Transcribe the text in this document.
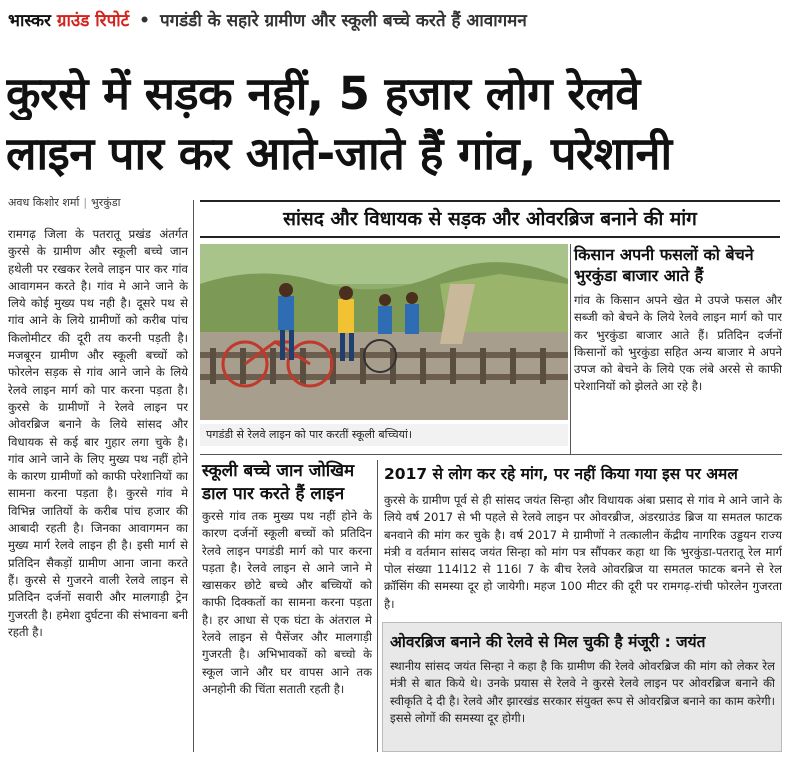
भास्कर ग्राउंड रिपोर्ट • पगडंडी के सहारे ग्रामीण और स्कूली बच्चे करते हैं आवागमन
कुरसे में सड़क नहीं, 5 हजार लोग रेलवे
लाइन पार कर आते-जाते हैं गांव, परेशानी
अवध किशोर शर्मा | भुरकुंडा
रामगढ़ जिला के पतरातू प्रखंड अंतर्गत कुरसे के ग्रामीण और स्कूली बच्चे जान हथेली पर रखकर रेलवे लाइन पार कर गांव आवागमन करते है। गांव मे आने जाने के लिये कोई मुख्य पथ नही है। दूसरे पथ से गांव आने के लिये ग्रामीणों को करीब पांच किलोमीटर की दूरी तय करनी पड़ती है। मजबूरन ग्रामीण और स्कूली बच्चों को फोरलेन सड़क से गांव आने जाने के लिये रेलवे लाइन मार्ग को पार करना पड़ता है। कुरसे के ग्रामीणों ने रेलवे लाइन पर ओवरब्रिज बनाने के लिये सांसद और विधायक से कई बार गुहार लगा चुके है। गांव आने जाने के लिए मुख्य पथ नहीं होने के कारण ग्रामीणों को काफी परेशानियों का सामना करना पड़ता है। कुरसे गांव मे विभिन्न जातियों के करीब पांच हजार की आबादी रहती है। जिनका आवागमन का मुख्य मार्ग रेलवे लाइन ही है। इसी मार्ग से प्रतिदिन सैकड़ों ग्रामीण आना जाना करते हैं। कुरसे से गुजरने वाली रेलवे लाइन से प्रतिदिन दर्जनों सवारी और मालगाड़ी ट्रेन गुजरती है। हमेशा दुर्घटना की संभावना बनी रहती है।
सांसद और विधायक से सड़क और ओवरब्रिज बनाने की मांग
पगडंडी से रेलवे लाइन को पार करतीं स्कूली बच्चियां।
किसान अपनी फसलों को बेचने भुरकुंडा बाजार आते हैं
गांव के किसान अपने खेत मे उपजे फसल और सब्जी को बेचने के लिये रेलवे लाइन मार्ग को पार कर भुरकुंडा बाजार आते हैं। प्रतिदिन दर्जनों किसानों को भुरकुंडा सहित अन्य बाजार मे अपने उपज को बेचने के लिये एक लंबे अरसे से काफी परेशानियों को झेलते आ रहे है।
स्कूली बच्चे जान जोखिम डाल पार करते हैं लाइन
कुरसे गांव तक मुख्य पथ नहीं होने के कारण दर्जनों स्कूली बच्चों को प्रतिदिन रेलवे लाइन पगडंडी मार्ग को पार करना पड़ता है। रेलवे लाइन से आने जाने मे खासकर छोटे बच्चे और बच्चियों को काफी दिक्कतों का सामना करना पड़ता है। हर आधा से एक घंटा के अंतराल मे रेलवे लाइन से पैसेंजर और मालगाड़ी गुजरती है। अभिभावकों को बच्चो के स्कूल जाने और घर वापस आने तक अनहोनी की चिंता सताती रहती है।
2017 से लोग कर रहे मांग, पर नहीं किया गया इस पर अमल
कुरसे के ग्रामीण पूर्व से ही सांसद जयंत सिन्हा और विधायक अंबा प्रसाद से गांव मे आने जाने के लिये वर्ष 2017 से भी पहले से रेलवे लाइन पर ओवरब्रीज, अंडरग्राउंड ब्रिज या समतल फाटक बनवाने की मांग कर चुके है। वर्ष 2017 मे ग्रामीणों ने तत्कालीन केंद्रीय नागरिक उड्डयन राज्य मंत्री व वर्तमान सांसद जयंत सिन्हा को मांग पत्र सौंपकर कहा था कि भुरकुंडा-पतरातू रेल मार्ग पोल संख्या 114l12 से 116l 7 के बीच रेलवे ओवरब्रिज या समतल फाटक बनने से रेल क्रॉसिंग की समस्या दूर हो जायेगी। महज 100 मीटर की दूरी पर रामगढ़-रांची फोरलेन गुजरता है।
ओवरब्रिज बनाने की रेलवे से मिल चुकी है मंजूरी : जयंत
स्थानीय सांसद जयंत सिन्हा ने कहा है कि ग्रामीण की रेलवे ओवरब्रिज की मांग को लेकर रेल मंत्री से बात किये थे। उनके प्रयास से रेलवे ने कुरसे रेलवे लाइन पर ओवरब्रिज बनाने की स्वीकृति दे दी है। रेलवे और झारखंड सरकार संयुक्त रूप से ओवरब्रिज बनाने का काम करेगी। इससे लोगों की समस्या दूर होगी।
